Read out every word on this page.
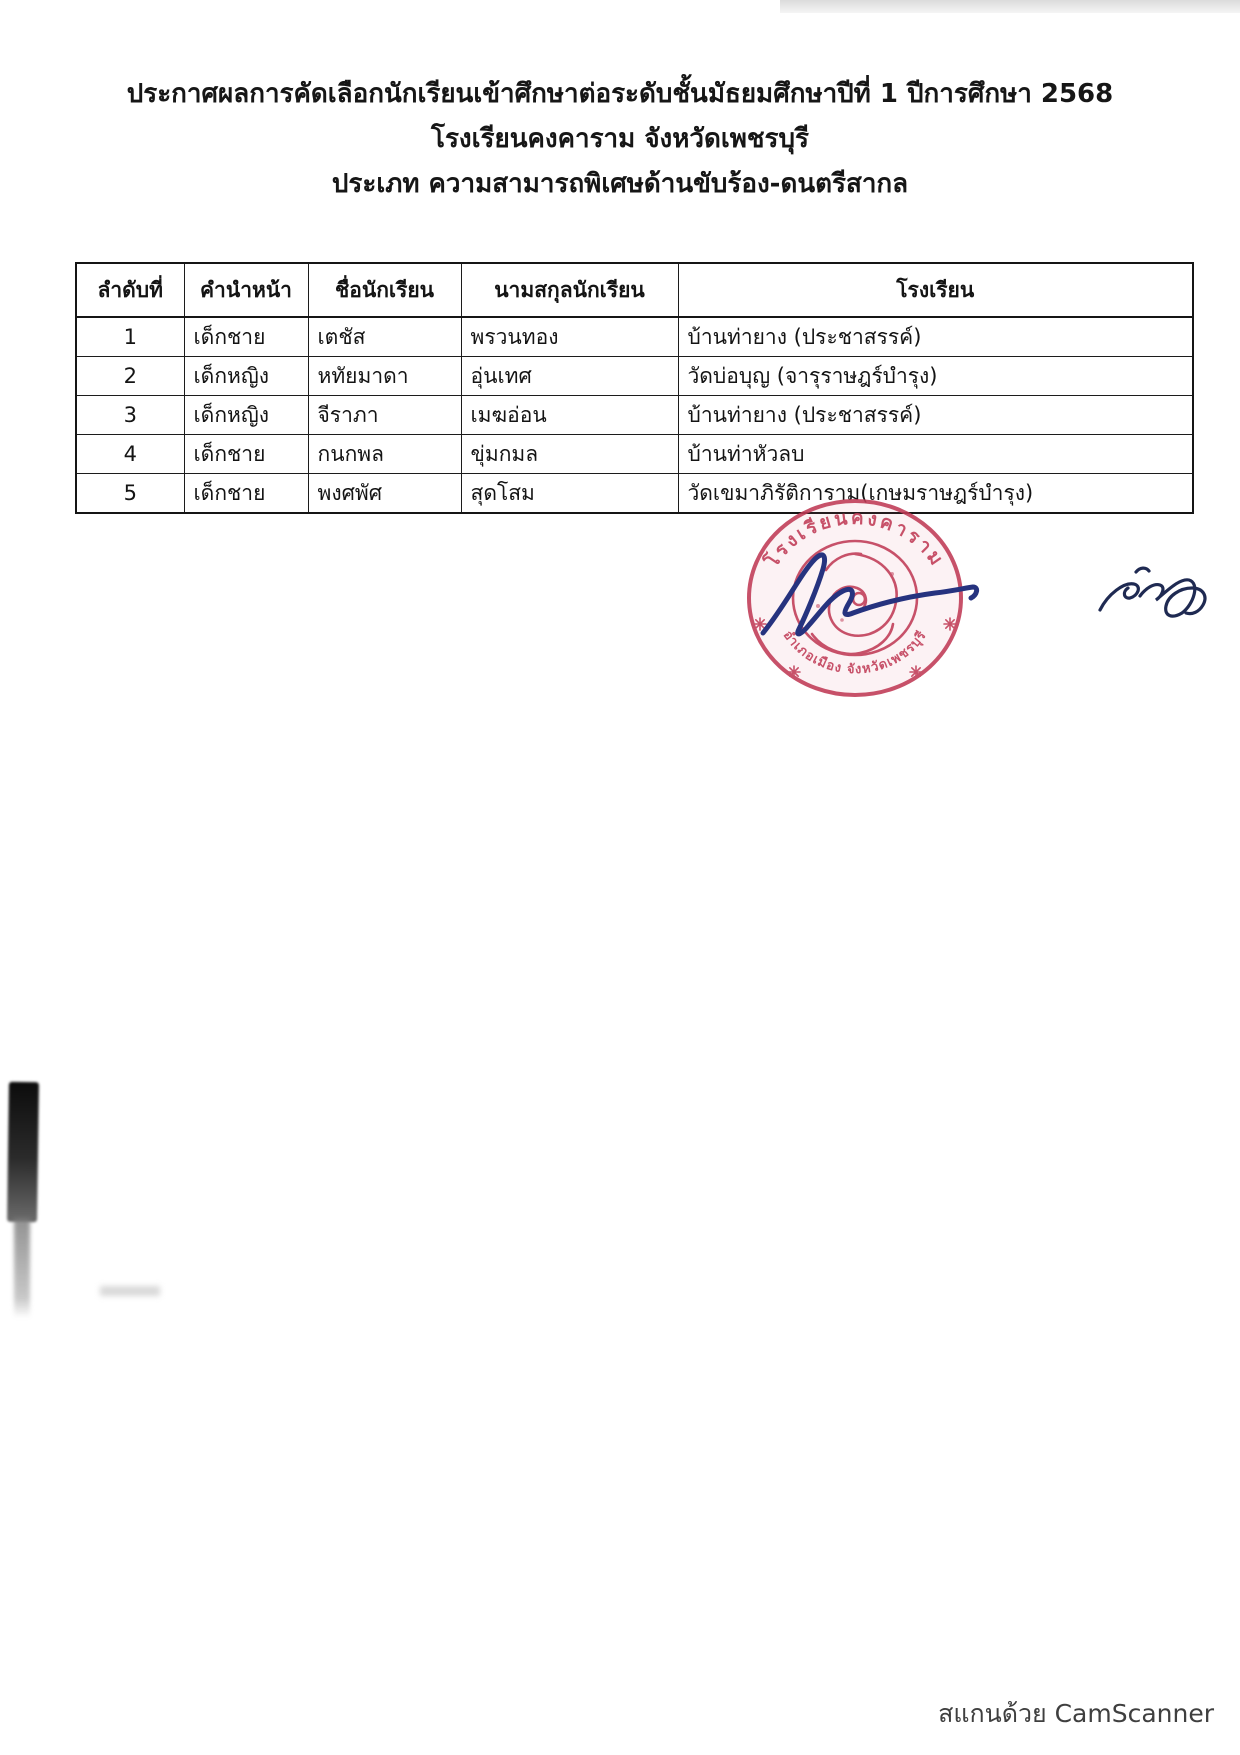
ประกาศผลการคัดเลือกนักเรียนเข้าศึกษาต่อระดับชั้นมัธยมศึกษาปีที่ 1 ปีการศึกษา 2568
โรงเรียนคงคาราม จังหวัดเพชรบุรี
ประเภท ความสามารถพิเศษด้านขับร้อง-ดนตรีสากล
ลำดับที่	คำนำหน้า	ชื่อนักเรียน	นามสกุลนักเรียน	โรงเรียน
1	เด็กชาย	เตชัส	พรวนทอง	บ้านท่ายาง (ประชาสรรค์)
2	เด็กหญิง	หทัยมาดา	อุ่นเทศ	วัดบ่อบุญ (จารุราษฎร์บำรุง)
3	เด็กหญิง	จีราภา	เมฆอ่อน	บ้านท่ายาง (ประชาสรรค์)
4	เด็กชาย	กนกพล	ขุ่มกมล	บ้านท่าหัวลบ
5	เด็กชาย	พงศพัศ	สุดโสม	วัดเขมาภิรัติการาม(เกษมราษฎร์บำรุง)
โรงเรียนคงคาราม
อำเภอเมือง จังหวัดเพชรบุรี
สแกนด้วย CamScanner
